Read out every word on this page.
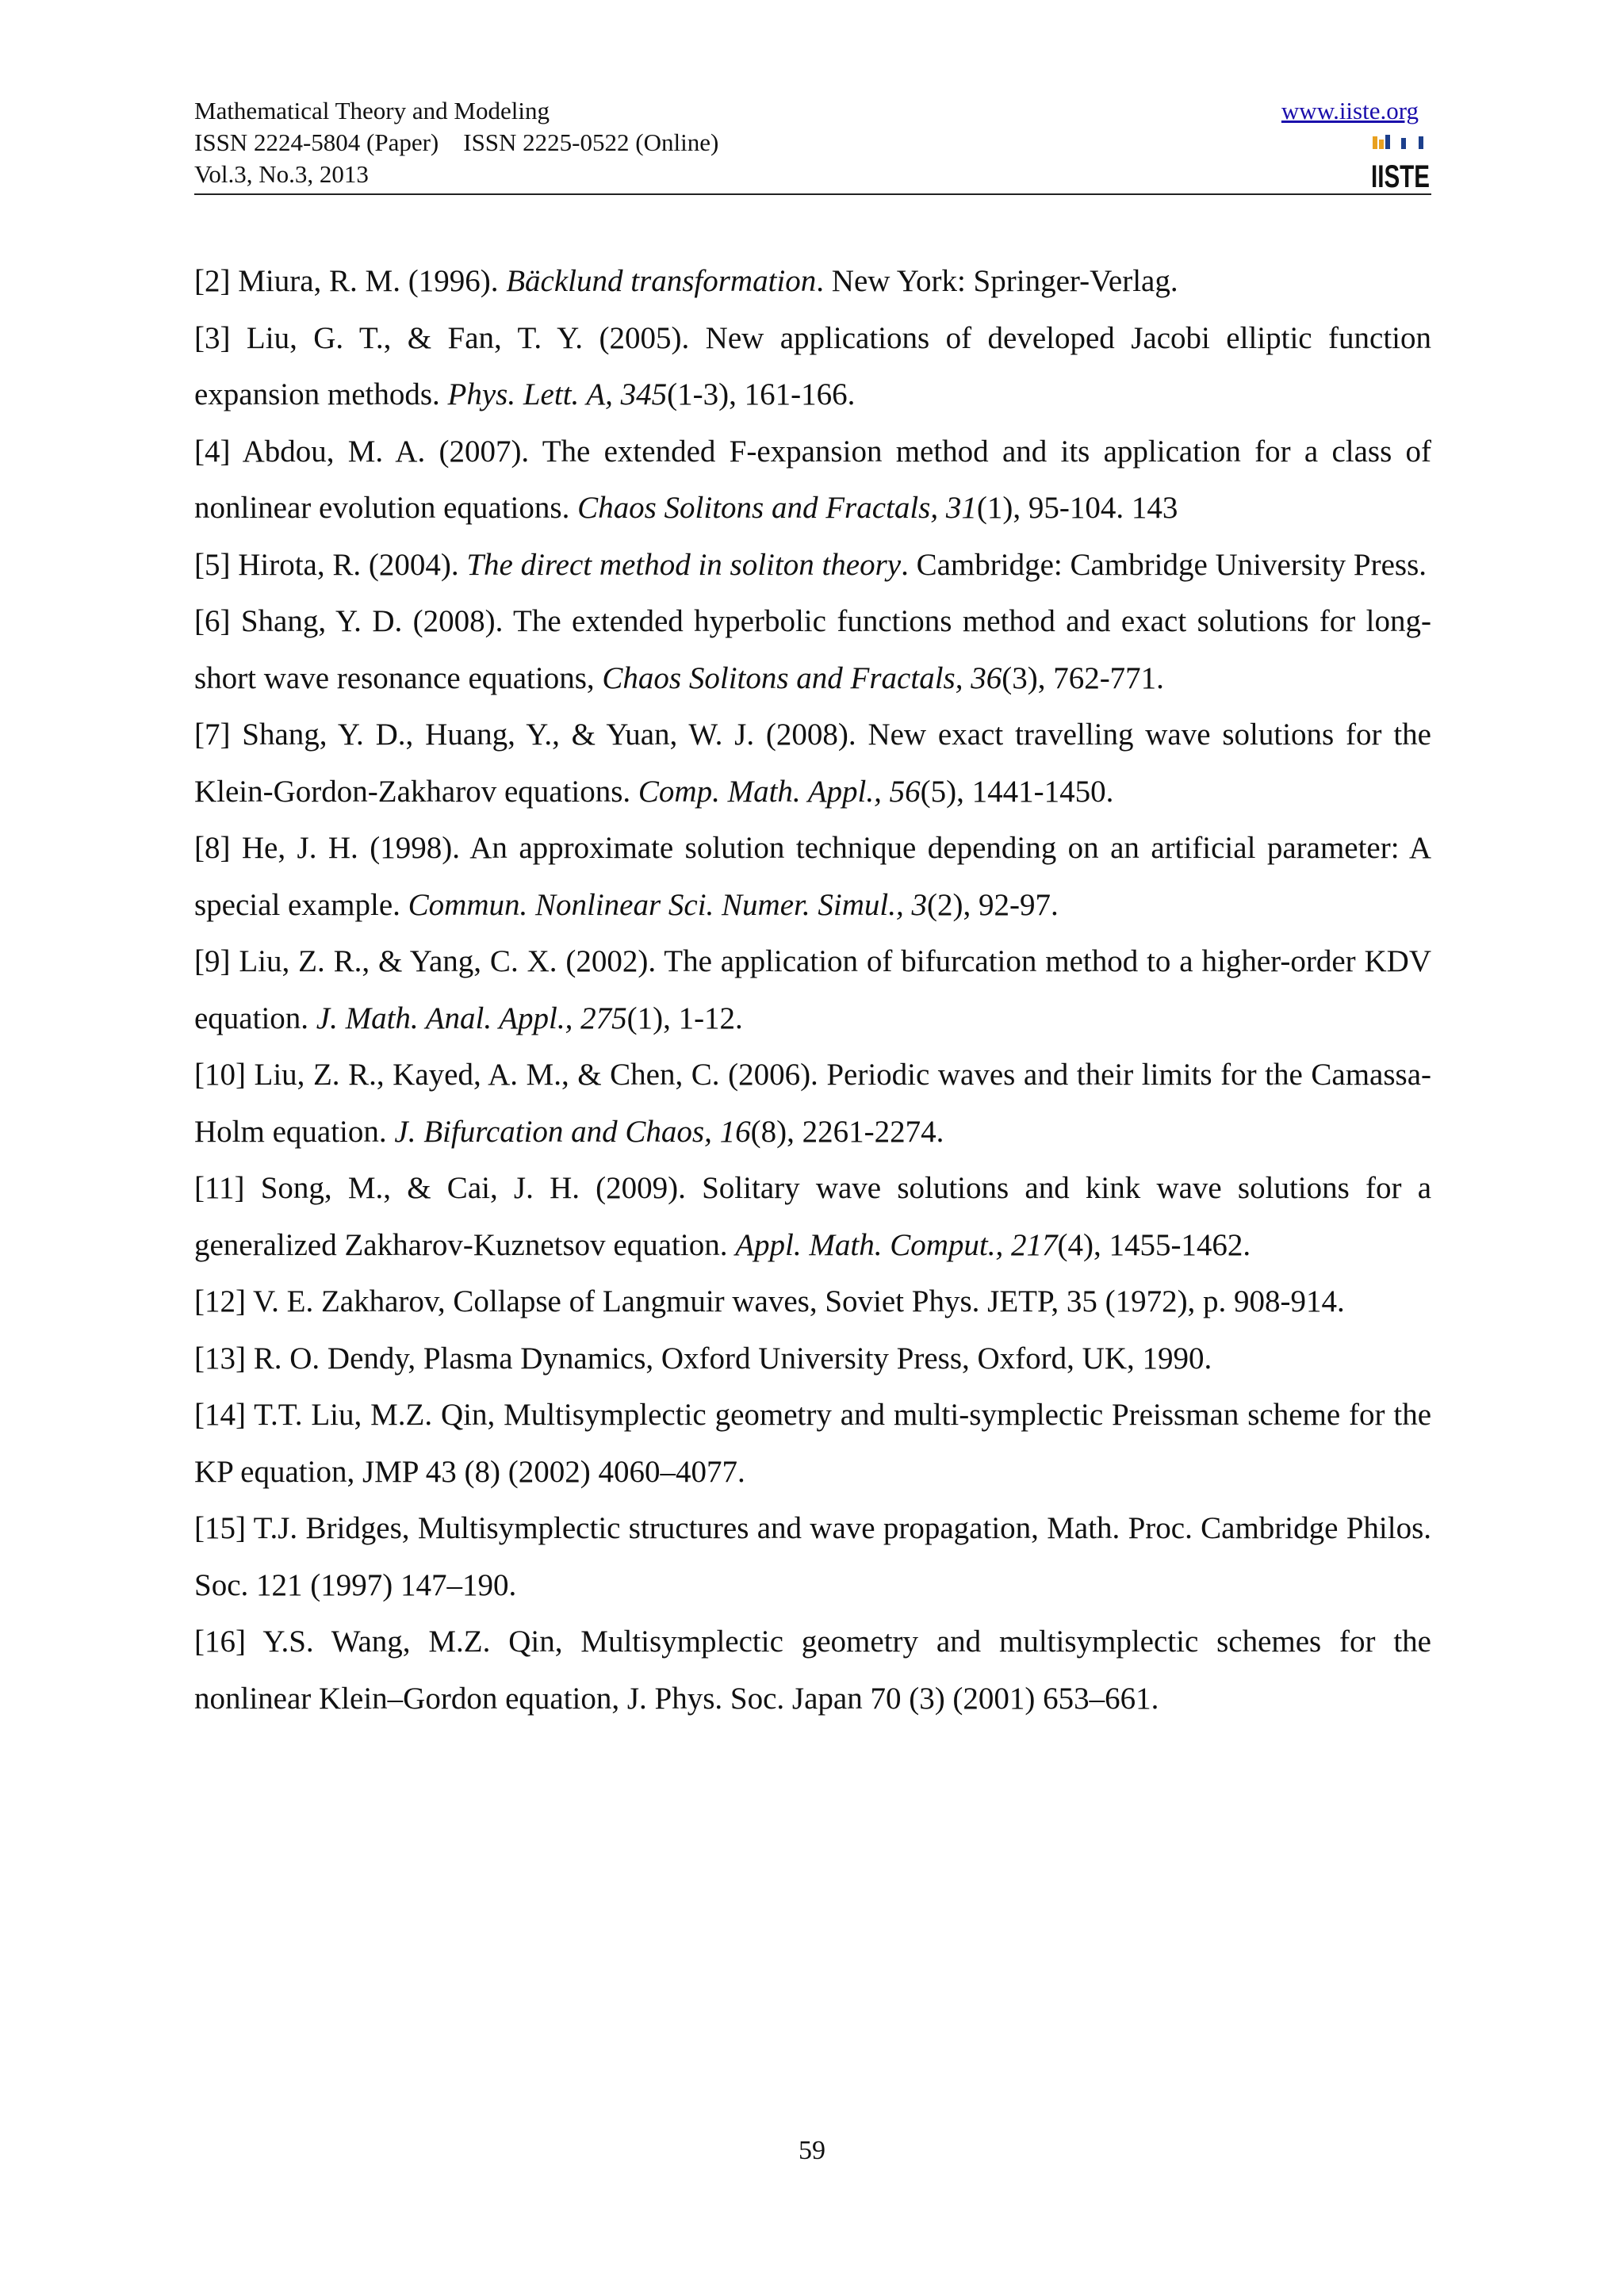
Mathematical Theory and Modeling
ISSN 2224-5804 (Paper)    ISSN 2225-0522 (Online)
Vol.3, No.3, 2013
www.iiste.org
IISTE

[2] Miura, R. M. (1996). Bäcklund transformation. New York: Springer-Verlag.

[3] Liu, G. T., & Fan, T. Y. (2005). New applications of developed Jacobi elliptic function expansion methods. Phys. Lett. A, 345(1-3), 161-166.

[4] Abdou, M. A. (2007). The extended F-expansion method and its application for a class of nonlinear evolution equations. Chaos Solitons and Fractals, 31(1), 95-104. 143

[5] Hirota, R. (2004). The direct method in soliton theory. Cambridge: Cambridge University Press.

[6] Shang, Y. D. (2008). The extended hyperbolic functions method and exact solutions for long-short wave resonance equations, Chaos Solitons and Fractals, 36(3), 762-771.

[7] Shang, Y. D., Huang, Y., & Yuan, W. J. (2008). New exact travelling wave solutions for the Klein-Gordon-Zakharov equations. Comp. Math. Appl., 56(5), 1441-1450.

[8] He, J. H. (1998). An approximate solution technique depending on an artificial parameter: A special example. Commun. Nonlinear Sci. Numer. Simul., 3(2), 92-97.

[9] Liu, Z. R., & Yang, C. X. (2002). The application of bifurcation method to a higher-order KDV equation. J. Math. Anal. Appl., 275(1), 1-12.

[10] Liu, Z. R., Kayed, A. M., & Chen, C. (2006). Periodic waves and their limits for the Camassa-Holm equation. J. Bifurcation and Chaos, 16(8), 2261-2274.

[11] Song, M., & Cai, J. H. (2009). Solitary wave solutions and kink wave solutions for a generalized Zakharov-Kuznetsov equation. Appl. Math. Comput., 217(4), 1455-1462.

[12] V. E. Zakharov, Collapse of Langmuir waves, Soviet Phys. JETP, 35 (1972), p. 908-914.

[13] R. O. Dendy, Plasma Dynamics, Oxford University Press, Oxford, UK, 1990.

[14] T.T. Liu, M.Z. Qin, Multisymplectic geometry and multi-symplectic Preissman scheme for the KP equation, JMP 43 (8) (2002) 4060–4077.

[15] T.J. Bridges, Multisymplectic structures and wave propagation, Math. Proc. Cambridge Philos. Soc. 121 (1997) 147–190.

[16] Y.S. Wang, M.Z. Qin, Multisymplectic geometry and multisymplectic schemes for the nonlinear Klein–Gordon equation, J. Phys. Soc. Japan 70 (3) (2001) 653–661.

59
